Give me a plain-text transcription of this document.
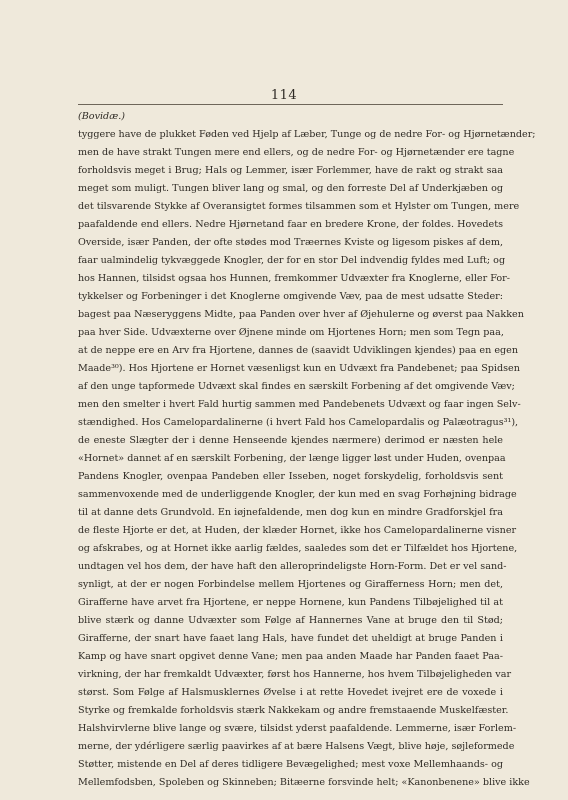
114
(Bovidæ.)
tyggere have de plukket Føden ved Hjelp af Læber, Tunge og de nedre For- og Hjørnetænder;
men de have strakt Tungen mere end ellers, og de nedre For- og Hjørnetænder ere tagne
forholdsvis meget i Brug; Hals og Lemmer, især Forlemmer, have de rakt og strakt saa
meget som muligt. Tungen bliver lang og smal, og den forreste Del af Underkjæben og
det tilsvarende Stykke af Overansigtet formes tilsammen som et Hylster om Tungen, mere
paafaldende end ellers. Nedre Hjørnetand faar en bredere Krone, der foldes. Hovedets
Overside, især Panden, der ofte stødes mod Træernes Kviste og ligesom piskes af dem,
faar ualmindelig tykvæggede Knogler, der for en stor Del indvendig fyldes med Luft; og
hos Hannen, tilsidst ogsaa hos Hunnen, fremkommer Udvæxter fra Knoglerne, eller For-
tykkelser og Forbeninger i det Knoglerne omgivende Væv, paa de mest udsatte Steder:
bagest paa Næseryggens Midte, paa Panden over hver af Øjehulerne og øverst paa Nakken
paa hver Side. Udvæxterne over Øjnene minde om Hjortenes Horn; men som Tegn paa,
at de neppe ere en Arv fra Hjortene, dannes de (saavidt Udviklingen kjendes) paa en egen
Maade³⁰). Hos Hjortene er Hornet væsenligst kun en Udvæxt fra Pandebenet; paa Spidsen
af den unge tapformede Udvæxt skal findes en særskilt Forbening af det omgivende Væv;
men den smelter i hvert Fald hurtig sammen med Pandebenets Udvæxt og faar ingen Selv-
stændighed. Hos Camelopardalinerne (i hvert Fald hos Camelopardalis og Palæotragus³¹),
de eneste Slægter der i denne Henseende kjendes nærmere) derimod er næsten hele
«Hornet» dannet af en særskilt Forbening, der længe ligger løst under Huden, ovenpaa
Pandens Knogler, ovenpaa Pandeben eller Isseben, noget forskydelig, forholdsvis sent
sammenvoxende med de underliggende Knogler, der kun med en svag Forhøjning bidrage
til at danne dets Grundvold. En iøjnefaldende, men dog kun en mindre Gradforskjel fra
de fleste Hjorte er det, at Huden, der klæder Hornet, ikke hos Camelopardalinerne visner
og afskrabes, og at Hornet ikke aarlig fældes, saaledes som det er Tilfældet hos Hjortene,
undtagen vel hos dem, der have haft den alleroprindeligste Horn-Form. Det er vel sand-
synligt, at der er nogen Forbindelse mellem Hjortenes og Girafferness Horn; men det,
Girafferne have arvet fra Hjortene, er neppe Hornene, kun Pandens Tilbøjelighed til at
blive stærk og danne Udvæxter som Følge af Hannernes Vane at bruge den til Stød;
Girafferne, der snart have faaet lang Hals, have fundet det uheldigt at bruge Panden i
Kamp og have snart opgivet denne Vane; men paa anden Maade har Panden faaet Paa-
virkning, der har fremkaldt Udvæxter, først hos Hannerne, hos hvem Tilbøjeligheden var
størst. Som Følge af Halsmusklernes Øvelse i at rette Hovedet ivejret ere de voxede i
Styrke og fremkalde forholdsvis stærk Nakkekam og andre fremstaaende Muskelfæster.
Halshvirvlerne blive lange og svære, tilsidst yderst paafaldende. Lemmerne, især Forlem-
merne, der ydérligere særlig paavirkes af at bære Halsens Vægt, blive høje, søjleformede
Støtter, mistende en Del af deres tidligere Bevægelighed; mest voxe Mellemhaands- og
Mellemfodsben, Spoleben og Skinneben; Bitæerne forsvinde helt; «Kanonbenene» blive ikke
